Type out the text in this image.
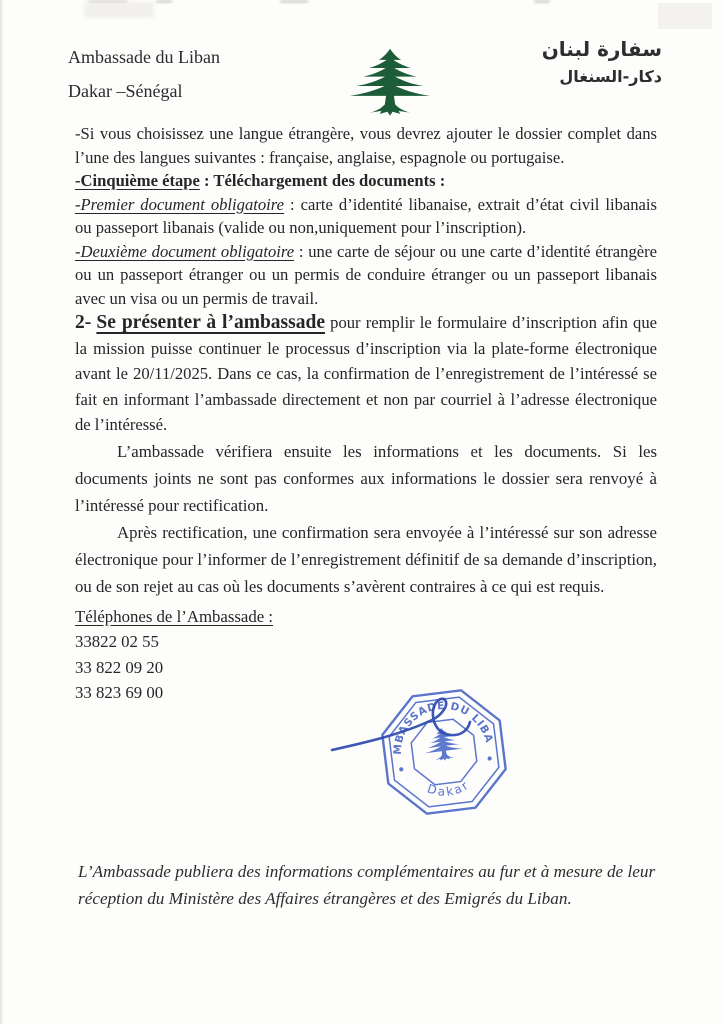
Ambassade du Liban
Dakar –Sénégal
سفارة لبنان
دكار-السنغال

-Si vous choisissez une langue étrangère, vous devrez ajouter le dossier complet dans l’une des langues suivantes : française, anglaise, espagnole ou portugaise.

-Cinquième étape : Téléchargement des documents :

-Premier document obligatoire : carte d’identité libanaise, extrait d’état civil libanais ou passeport libanais (valide ou non,uniquement pour l’inscription).

-Deuxième document obligatoire : une carte de séjour ou une carte d’identité étrangère ou un passeport étranger ou un permis de conduire étranger ou un passeport libanais avec un visa ou un permis de travail.

2- Se présenter à l’ambassade pour remplir le formulaire d’inscription afin que la mission puisse continuer le processus d’inscription via la plate-forme électronique avant le 20/11/2025. Dans ce cas, la confirmation de l’enregistrement de l’intéressé se fait en informant l’ambassade directement et non par courriel à l’adresse électronique de l’intéressé.

L’ambassade vérifiera ensuite les informations et les documents. Si les documents joints ne sont pas conformes aux informations le dossier sera renvoyé à l’intéressé pour rectification.

Après rectification, une confirmation sera envoyée à l’intéressé sur son adresse électronique pour l’informer de l’enregistrement définitif de sa demande d’inscription, ou de son rejet au cas où les documents s’avèrent contraires à ce qui est requis.

Téléphones de l’Ambassade :
33822 02 55
33 822 09 20
33 823 69 00	AMBASSADE DU LIBAN
Dakar
L’Ambassade publiera des informations complémentaires au fur et à mesure de leur réception du Ministère des Affaires étrangères et des Emigrés du Liban.
